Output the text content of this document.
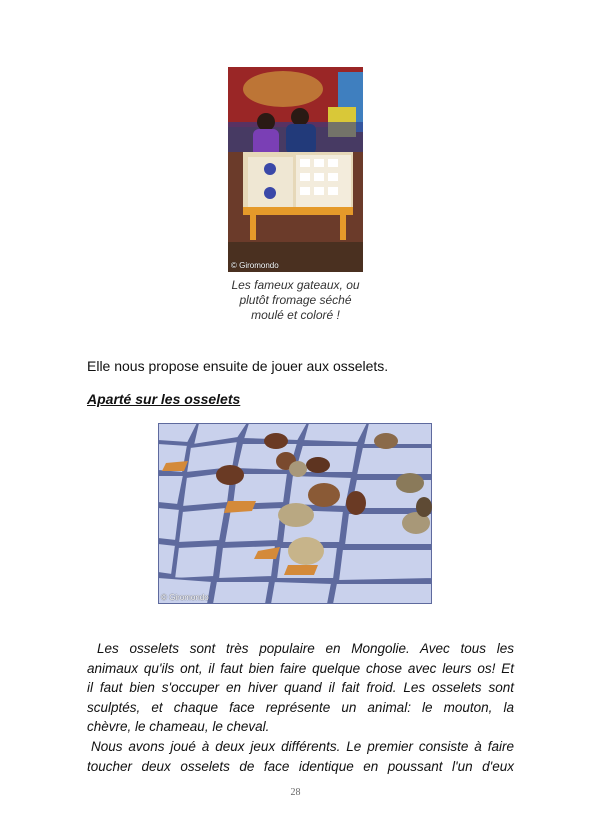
© Giromondo
Les fameux gateaux, ou
plutôt fromage séché
moulé et coloré !
Elle nous propose ensuite de jouer aux osselets.
Aparté sur les osselets
© Giromondo
Les osselets sont très populaire en Mongolie. Avec tous les
animaux qu'ils ont, il faut bien faire quelque chose avec leurs os! Et
il faut bien s'occuper en hiver quand il fait froid. Les osselets sont
sculptés, et chaque face représente un animal: le mouton, la
chèvre, le chameau, le cheval.
Nous avons joué à deux jeux différents. Le premier consiste à faire
toucher deux osselets de face identique en poussant l'un d'eux
28
